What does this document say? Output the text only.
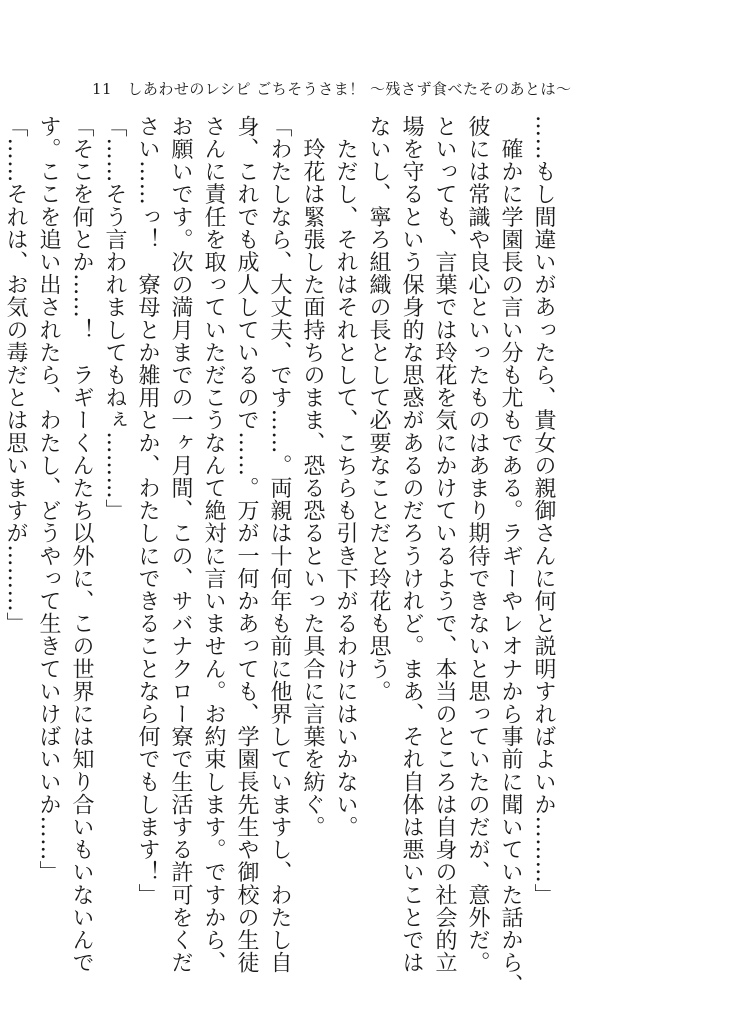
11 しあわせのレシピ ごちそうさま！ 〜残さず食べたそのあとは〜
……もし間違いがあったら、貴女の親御さんに何と説明すればよいか………」
　確かに学園長の言い分も尤もである。ラギーやレオナから事前に聞いていた話から、
彼には常識や良心といったものはあまり期待できないと思っていたのだが、意外だ。
といっても、言葉では玲花を気にかけているようで、本当のところは自身の社会的立
場を守るという保身的な思惑があるのだろうけれど。まあ、それ自体は悪いことでは
ないし、寧ろ組織の長として必要なことだと玲花も思う。
　ただし、それはそれとして、こちらも引き下がるわけにはいかない。
　玲花は緊張した面持ちのまま、恐る恐るといった具合に言葉を紡ぐ。
「わたしなら、大丈夫、です……。両親は十何年も前に他界していますし、わたし自
身、これでも成人しているので……。万が一何かあっても、学園長先生や御校の生徒
さんに責任を取っていただこうなんて絶対に言いません。お約束します。ですから、
お願いです。次の満月までの一ヶ月間、この、サバナクロー寮で生活する許可をくだ
さい……っ！　寮母とか雑用とか、わたしにできることなら何でもします！」
「……そう言われましてもねぇ………」
「そこを何とか……！　ラギーくんたち以外に、この世界には知り合いもいないんで
す。ここを追い出されたら、わたし、どうやって生きていけばいいか……」
「……それは、お気の毒だとは思いますが………」
